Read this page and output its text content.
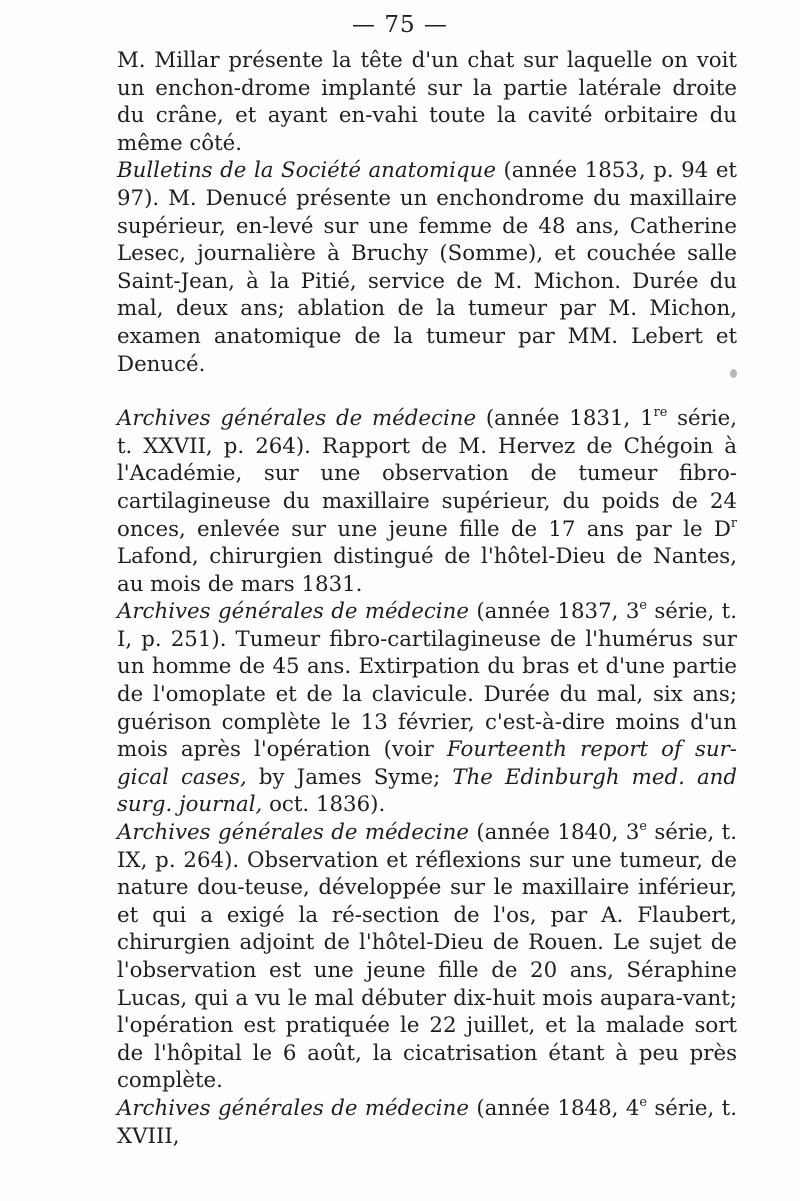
— 75 —

M. Millar présente la tête d'un chat sur laquelle on voit un enchon-drome implanté sur la partie latérale droite du crâne, et ayant en-vahi toute la cavité orbitaire du même côté.

Bulletins de la Société anatomique (année 1853, p. 94 et 97). M. Denucé présente un enchondrome du maxillaire supérieur, en-levé sur une femme de 48 ans, Catherine Lesec, journalière à Bruchy (Somme), et couchée salle Saint-Jean, à la Pitié, service de M. Michon. Durée du mal, deux ans; ablation de la tumeur par M. Michon, examen anatomique de la tumeur par MM. Lebert et Denucé.

Archives générales de médecine (année 1831, 1re série, t. XXVII, p. 264). Rapport de M. Hervez de Chégoin à l'Académie, sur une observation de tumeur fibro-cartilagineuse du maxillaire supérieur, du poids de 24 onces, enlevée sur une jeune fille de 17 ans par le $D^r$ Lafond, chirurgien distingué de l'hôtel-Dieu de Nantes, au mois de mars 1831.

Archives générales de médecine (année 1837, 3e série, t. I, p. 251). Tumeur fibro-cartilagineuse de l'humérus sur un homme de 45 ans. Extirpation du bras et d'une partie de l'omoplate et de la clavicule. Durée du mal, six ans; guérison complète le 13 février, c'est-à-dire moins d'un mois après l'opération (voir Fourteenth report of sur-gical cases, by James Syme; The Edinburgh med. and surg. journal, oct. 1836).

Archives générales de médecine (année 1840, 3e série, t. IX, p. 264). Observation et réflexions sur une tumeur, de nature dou-teuse, développée sur le maxillaire inférieur, et qui a exigé la ré-section de l'os, par A. Flaubert, chirurgien adjoint de l'hôtel-Dieu de Rouen. Le sujet de l'observation est une jeune fille de 20 ans, Séraphine Lucas, qui a vu le mal débuter dix-huit mois aupara-vant; l'opération est pratiquée le 22 juillet, et la malade sort de l'hôpital le 6 août, la cicatrisation étant à peu près complète.

Archives générales de médecine (année 1848, 4e série, t. XVIII,
